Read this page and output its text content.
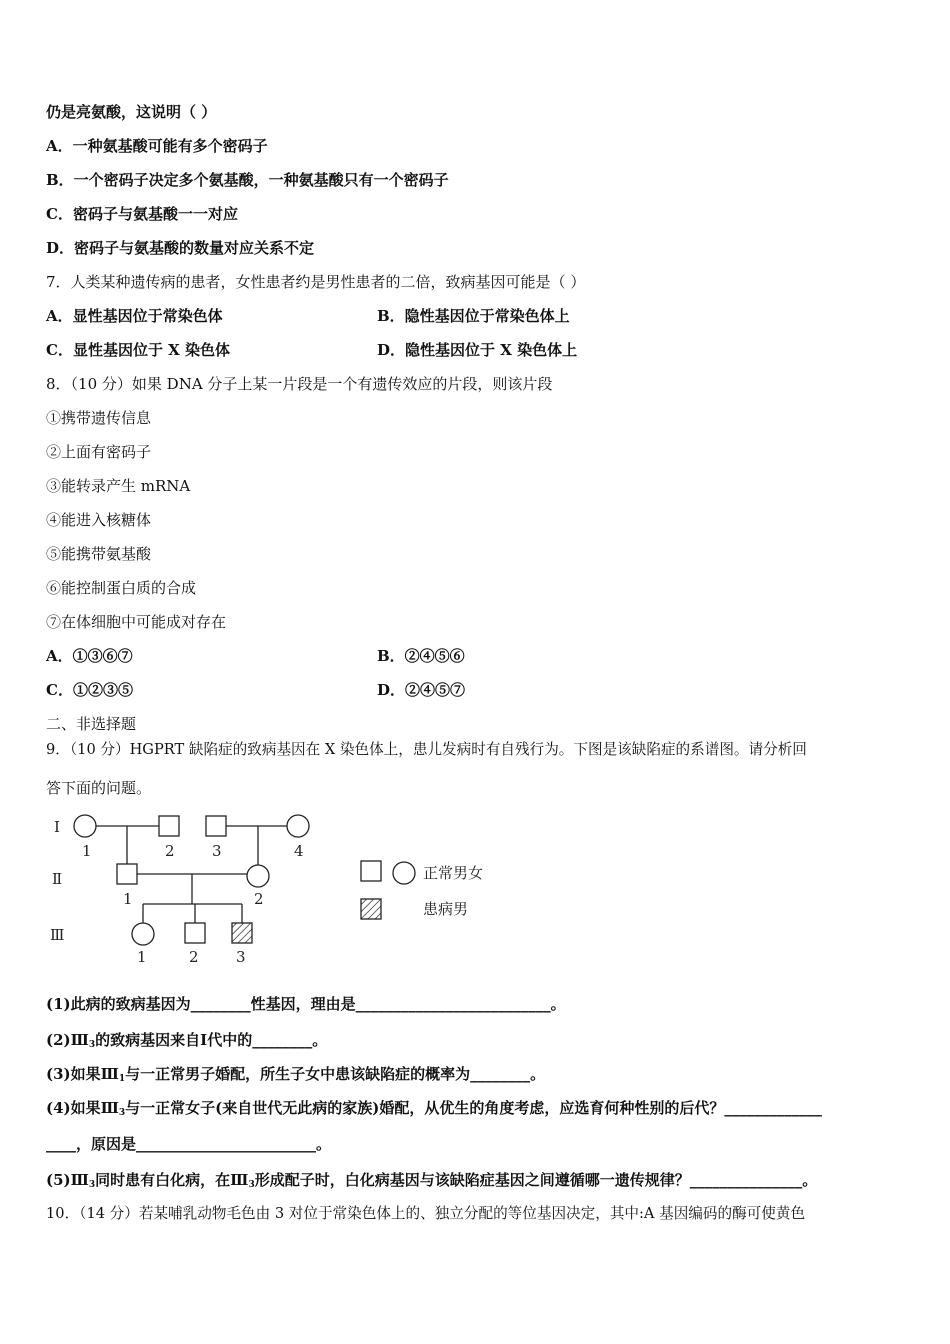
仍是亮氨酸，这说明（ ）
A．一种氨基酸可能有多个密码子
B．一个密码子决定多个氨基酸，一种氨基酸只有一个密码子
C．密码子与氨基酸一一对应
D．密码子与氨基酸的数量对应关系不定
7．人类某种遗传病的患者，女性患者约是男性患者的二倍，致病基因可能是（ ）
A．显性基因位于常染色体	B．隐性基因位于常染色体上
C．显性基因位于 X 染色体	D．隐性基因位于 X 染色体上
8．（10 分）如果 DNA 分子上某一片段是一个有遗传效应的片段，则该片段
①携带遗传信息
②上面有密码子
③能转录产生 mRNA
④能进入核糖体
⑤能携带氨基酸
⑥能控制蛋白质的合成
⑦在体细胞中可能成对存在
A．①③⑥⑦	B．②④⑤⑥
C．①②③⑤	D．②④⑤⑦
二、非选择题
9．（10 分）HGPRT 缺陷症的致病基因在 X 染色体上，患儿发病时有自残行为。下图是该缺陷症的系谱图。请分析回
答下面的问题。
Ⅰ
Ⅱ
Ⅲ
1	2 3	4
1	2
1	2 3
正常男女
患病男
(1)此病的致病基因为________性基因，理由是__________________________。
(2)Ⅲ3的致病基因来自Ⅰ代中的________。
(3)如果Ⅲ1与一正常男子婚配，所生子女中患该缺陷症的概率为________。
(4)如果Ⅲ3与一正常女子(来自世代无此病的家族)婚配，从优生的角度考虑，应选育何种性别的后代？_____________
____，原因是________________________。
(5)Ⅲ3同时患有白化病，在Ⅲ3形成配子时，白化病基因与该缺陷症基因之间遵循哪一遗传规律？_______________。
10．（14 分）若某哺乳动物毛色由 3 对位于常染色体上的、独立分配的等位基因决定，其中:A 基因编码的酶可使黄色
